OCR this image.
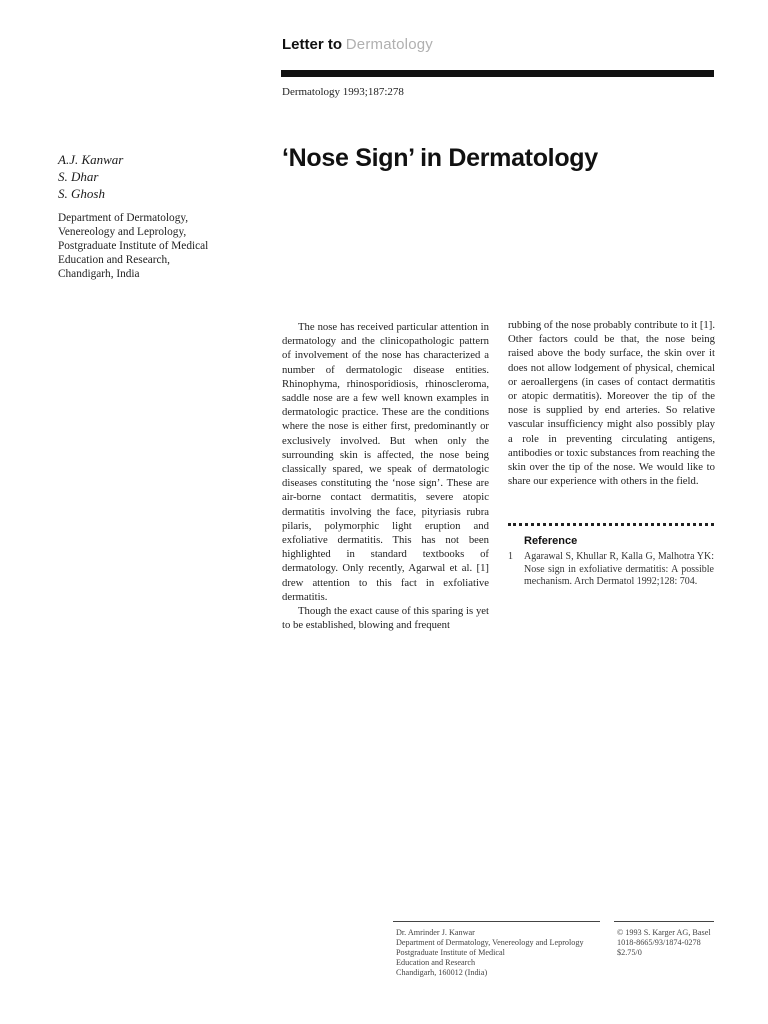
Letter to Dermatology
Dermatology 1993;187:278
A.J. Kanwar
S. Dhar
S. Ghosh
Department of Dermatology,
Venereology and Leprology,
Postgraduate Institute of Medical
Education and Research,
Chandigarh, India
‘Nose Sign’ in Dermatology

The nose has received particular attention in dermatology and the clinicopathologic pattern of involvement of the nose has characterized a number of dermatologic disease entities. Rhinophyma, rhinosporidiosis, rhinoscleroma, saddle nose are a few well known examples in dermatologic practice. These are the conditions where the nose is either first, predominantly or exclusively involved. But when only the surrounding skin is affected, the nose being classically spared, we speak of dermatologic diseases constituting the ‘nose sign’. These are air-borne contact dermatitis, severe atopic dermatitis involving the face, pityriasis rubra pilaris, polymorphic light eruption and exfoliative dermatitis. This has not been highlighted in standard textbooks of dermatology. Only recently, Agarwal et al. [1] drew attention to this fact in exfoliative dermatitis.

Though the exact cause of this sparing is yet to be established, blowing and frequent

rubbing of the nose probably contribute to it [1]. Other factors could be that, the nose being raised above the body surface, the skin over it does not allow lodgement of physical, chemical or aeroallergens (in cases of contact dermatitis or atopic dermatitis). Moreover the tip of the nose is supplied by end arteries. So relative vascular insufficiency might also possibly play a role in preventing circulating antigens, antibodies or toxic substances from reaching the skin over the tip of the nose. We would like to share our experience with others in the field.

Reference
1 Agarawal S, Khullar R, Kalla G, Malhotra YK: Nose sign in exfoliative dermatitis: A possible mechanism. Arch Dermatol 1992;128: 704.
Dr. Amrinder J. Kanwar
Department of Dermatology, Venereology and Leprology
Postgraduate Institute of Medical
Education and Research
Chandigarh, 160012 (India)
© 1993 S. Karger AG, Basel
1018-8665/93/1874-0278
$2.75/0
